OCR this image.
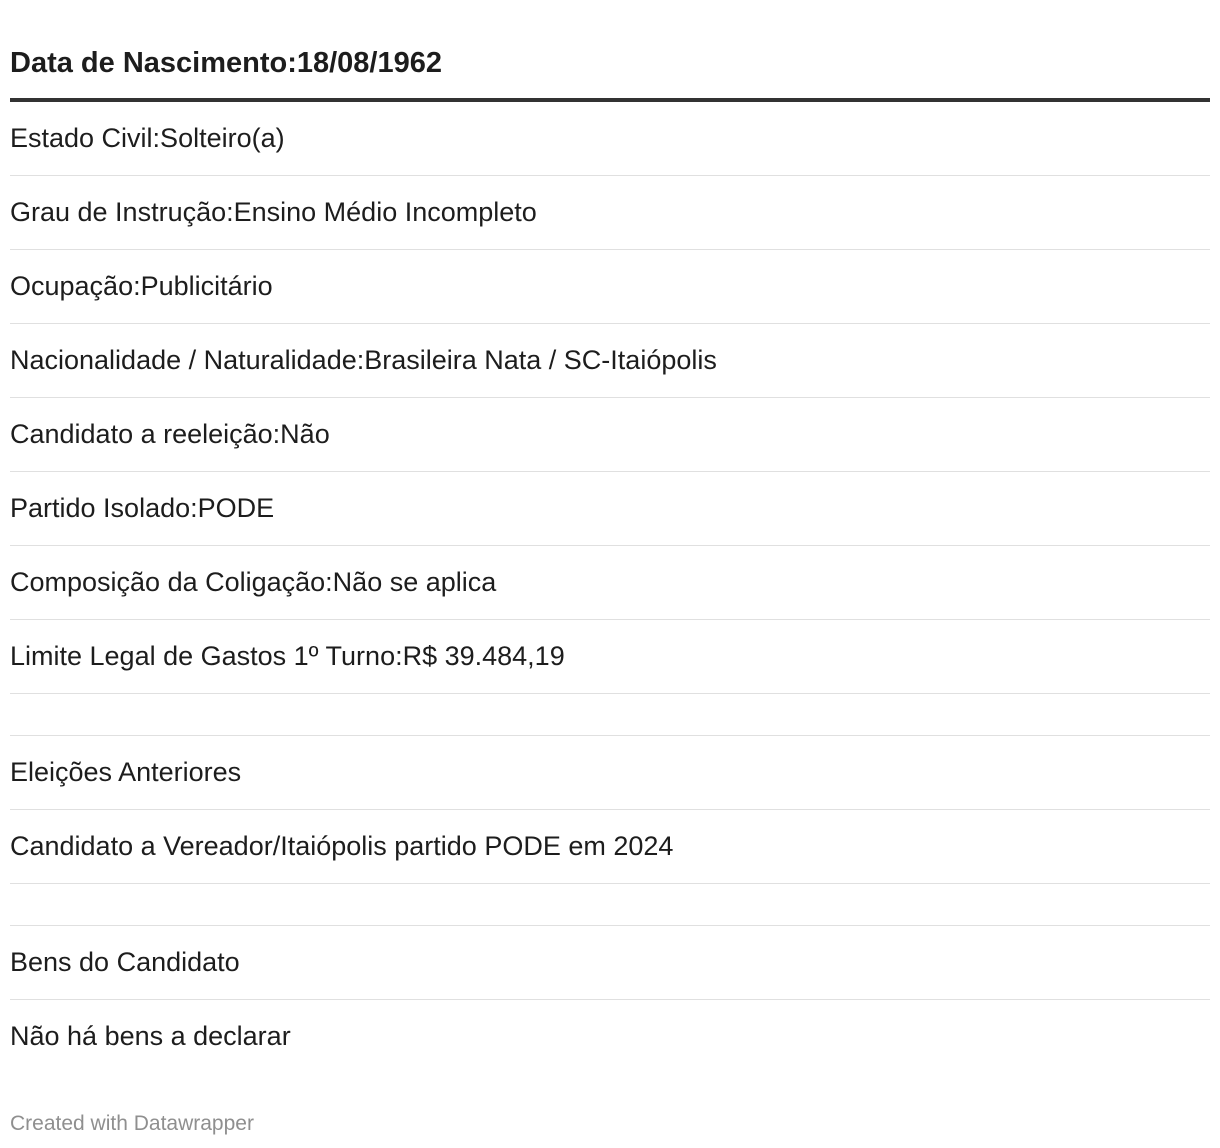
Data de Nascimento:18/08/1962
Estado Civil:Solteiro(a)
Grau de Instrução:Ensino Médio Incompleto
Ocupação:Publicitário
Nacionalidade / Naturalidade:Brasileira Nata / SC-Itaiópolis
Candidato a reeleição:Não
Partido Isolado:PODE
Composição da Coligação:Não se aplica
Limite Legal de Gastos 1º Turno:R$ 39.484,19
Eleições Anteriores
Candidato a Vereador/Itaiópolis partido PODE em 2024
Bens do Candidato
Não há bens a declarar
Created with Datawrapper
